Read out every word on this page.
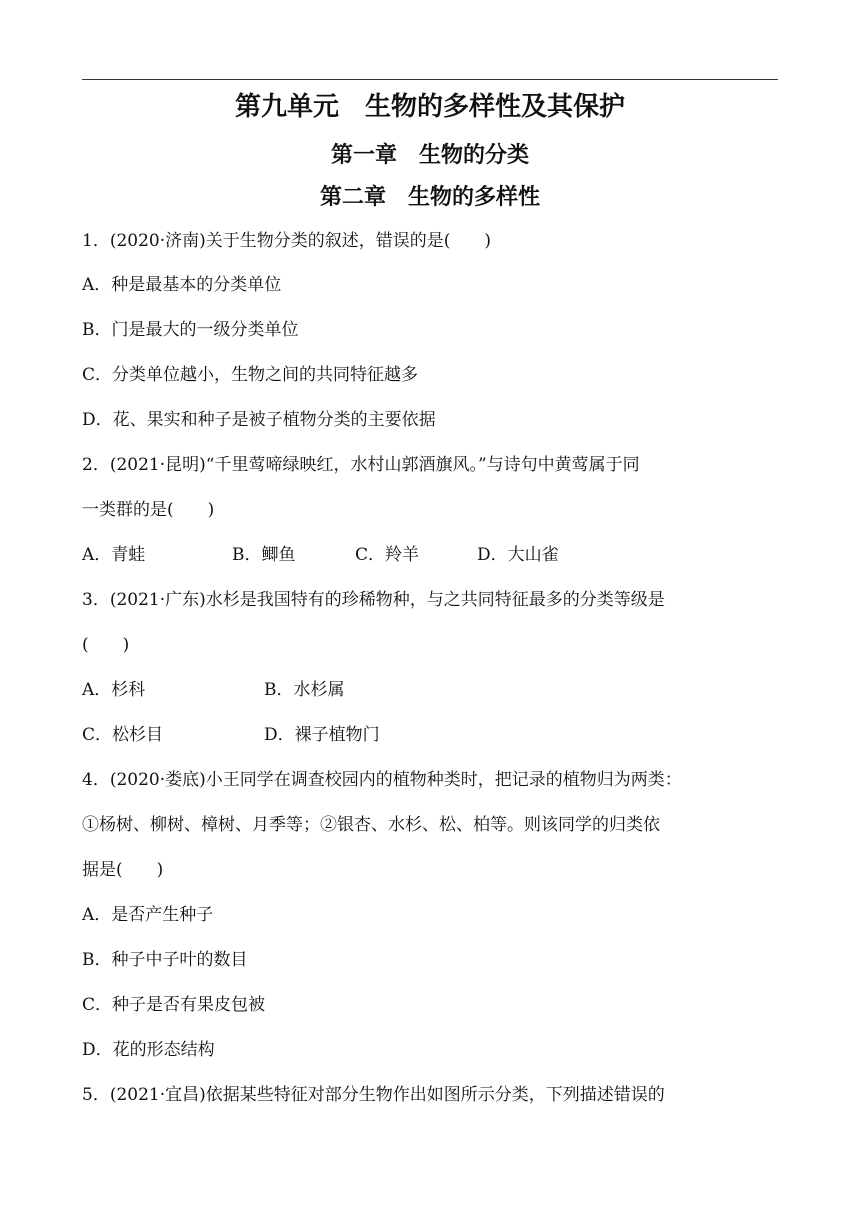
第九单元　生物的多样性及其保护
第一章　生物的分类
第二章　生物的多样性
1．(2020·济南)关于生物分类的叙述，错误的是(　　)
A．种是最基本的分类单位
B．门是最大的一级分类单位
C．分类单位越小，生物之间的共同特征越多
D．花、果实和种子是被子植物分类的主要依据
2．(2021·昆明)“千里莺啼绿映红，水村山郭酒旗风。”与诗句中黄莺属于同
一类群的是(　　)
A．青蛙	B．鲫鱼	C．羚羊	D．大山雀
3．(2021·广东)水杉是我国特有的珍稀物种，与之共同特征最多的分类等级是
(　　)
A．杉科	B．水杉属
C．松杉目	D．裸子植物门
4．(2020·娄底)小王同学在调查校园内的植物种类时，把记录的植物归为两类：
①杨树、柳树、樟树、月季等；②银杏、水杉、松、柏等。则该同学的归类依
据是(　　)
A．是否产生种子
B．种子中子叶的数目
C．种子是否有果皮包被
D．花的形态结构
5．(2021·宜昌)依据某些特征对部分生物作出如图所示分类，下列描述错误的
